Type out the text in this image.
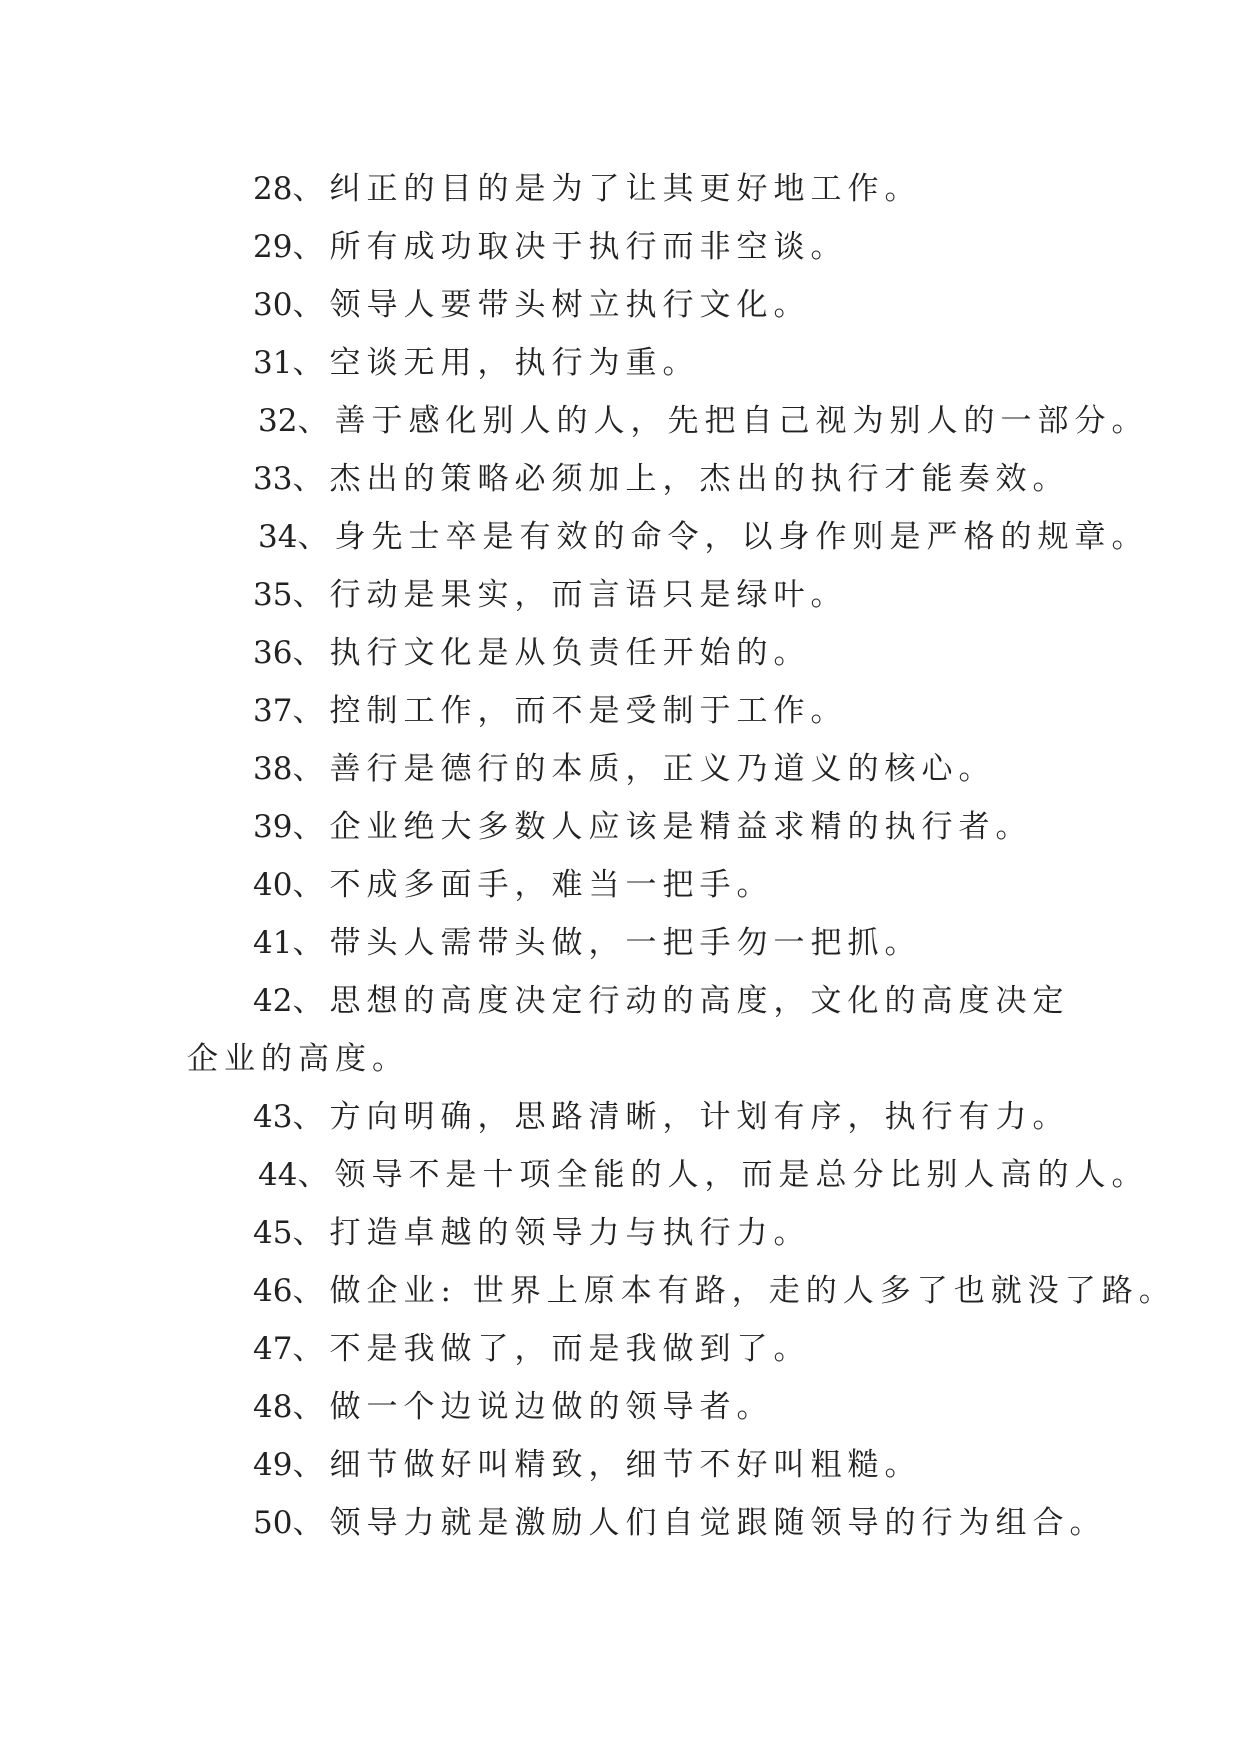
28、纠正的目的是为了让其更好地工作。
29、所有成功取决于执行而非空谈。
30、领导人要带头树立执行文化。
31、空谈无用，执行为重。
32、善于感化别人的人，先把自己视为别人的一部分。
33、杰出的策略必须加上，杰出的执行才能奏效。
34、身先士卒是有效的命令，以身作则是严格的规章。
35、行动是果实，而言语只是绿叶。
36、执行文化是从负责任开始的。
37、控制工作，而不是受制于工作。
38、善行是德行的本质，正义乃道义的核心。
39、企业绝大多数人应该是精益求精的执行者。
40、不成多面手，难当一把手。
41、带头人需带头做，一把手勿一把抓。
42、思想的高度决定行动的高度，文化的高度决定企业的高度。
43、方向明确，思路清晰，计划有序，执行有力。
44、领导不是十项全能的人，而是总分比别人高的人。
45、打造卓越的领导力与执行力。
46、做企业: 世界上原本有路，走的人多了也就没了路。
47、不是我做了，而是我做到了。
48、做一个边说边做的领导者。
49、细节做好叫精致，细节不好叫粗糙。
50、领导力就是激励人们自觉跟随领导的行为组合。
